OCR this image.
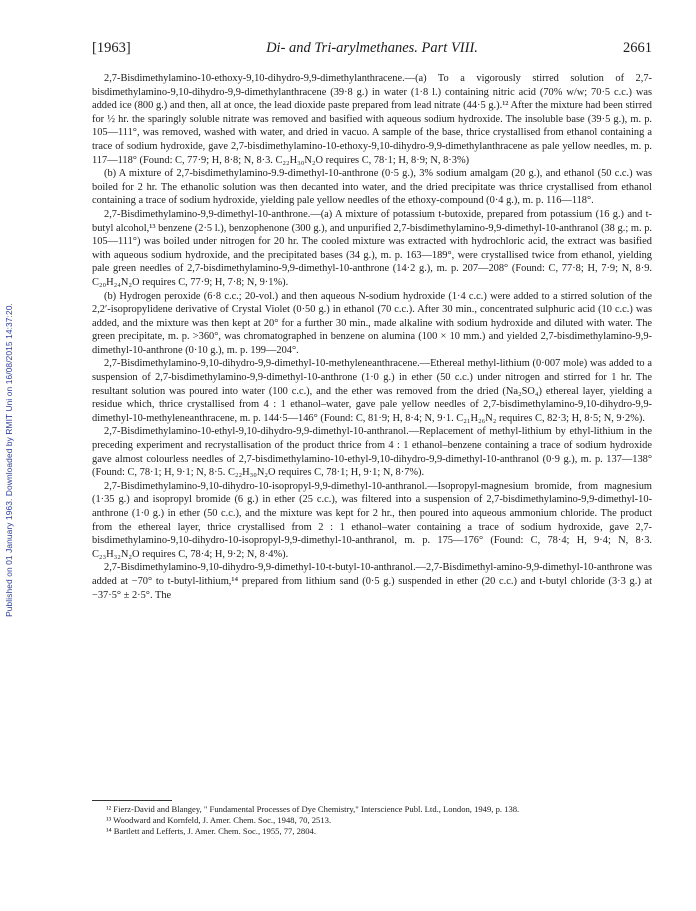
Published on 01 January 1963. Downloaded by RMIT Uni on 16/08/2015 14:37:20.
[1963]	Di- and Tri-arylmethanes. Part VIII.	2661

2,7-Bisdimethylamino-10-ethoxy-9,10-dihydro-9,9-dimethylanthracene.—(a) To a vigorously stirred solution of 2,7-bisdimethylamino-9,10-dihydro-9,9-dimethylanthracene (39·8 g.) in water (1·8 l.) containing nitric acid (70% w/w; 70·5 c.c.) was added ice (800 g.) and then, all at once, the lead dioxide paste prepared from lead nitrate (44·5 g.).¹² After the mixture had been stirred for ½ hr. the sparingly soluble nitrate was removed and basified with aqueous sodium hydroxide. The insoluble base (39·5 g.), m. p. 105—111°, was removed, washed with water, and dried in vacuo. A sample of the base, thrice crystallised from ethanol containing a trace of sodium hydroxide, gave 2,7-bisdimethylamino-10-ethoxy-9,10-dihydro-9,9-dimethylanthracene as pale yellow needles, m. p. 117—118° (Found: C, 77·9; H, 8·8; N, 8·3. C₂₂H₃₀N₂O requires C, 78·1; H, 8·9; N, 8·3%)

(b) A mixture of 2,7-bisdimethylamino-9.9-dimethyl-10-anthrone (0·5 g.), 3% sodium amalgam (20 g.), and ethanol (50 c.c.) was boiled for 2 hr. The ethanolic solution was then decanted into water, and the dried precipitate was thrice crystallised from ethanol containing a trace of sodium hydroxide, yielding pale yellow needles of the ethoxy-compound (0·4 g.), m. p. 116—118°.

2,7-Bisdimethylamino-9,9-dimethyl-10-anthrone.—(a) A mixture of potassium t-butoxide, prepared from potassium (16 g.) and t-butyl alcohol,¹³ benzene (2·5 l.), benzophenone (300 g.), and unpurified 2,7-bisdimethylamino-9,9-dimethyl-10-anthranol (38 g.; m. p. 105—111°) was boiled under nitrogen for 20 hr. The cooled mixture was extracted with hydrochloric acid, the extract was basified with aqueous sodium hydroxide, and the precipitated bases (34 g.), m. p. 163—189°, were crystallised twice from ethanol, yielding pale green needles of 2,7-bisdimethylamino-9,9-dimethyl-10-anthrone (14·2 g.), m. p. 207—208° (Found: C, 77·8; H, 7·9; N, 8·9. C₂₀H₂₄N₂O requires C, 77·9; H, 7·8; N, 9·1%).

(b) Hydrogen peroxide (6·8 c.c.; 20-vol.) and then aqueous N-sodium hydroxide (1·4 c.c.) were added to a stirred solution of the 2,2′-isopropylidene derivative of Crystal Violet (0·50 g.) in ethanol (70 c.c.). After 30 min., concentrated sulphuric acid (10 c.c.) was added, and the mixture was then kept at 20° for a further 30 min., made alkaline with sodium hydroxide and diluted with water. The green precipitate, m. p. >360°, was chromatographed in benzene on alumina (100 × 10 mm.) and yielded 2,7-bisdimethylamino-9,9-dimethyl-10-anthrone (0·10 g.), m. p. 199—204°.

2,7-Bisdimethylamino-9,10-dihydro-9,9-dimethyl-10-methyleneanthracene.—Ethereal methyl-lithium (0·007 mole) was added to a suspension of 2,7-bisdimethylamino-9,9-dimethyl-10-anthrone (1·0 g.) in ether (50 c.c.) under nitrogen and stirred for 1 hr. The resultant solution was poured into water (100 c.c.), and the ether was removed from the dried (Na₂SO₄) ethereal layer, yielding a residue which, thrice crystallised from 4 : 1 ethanol–water, gave pale yellow needles of 2,7-bisdimethylamino-9,10-dihydro-9,9-dimethyl-10-methyleneanthracene, m. p. 144·5—146° (Found: C, 81·9; H, 8·4; N, 9·1. C₂₁H₂₆N₂ requires C, 82·3; H, 8·5; N, 9·2%).

2,7-Bisdimethylamino-10-ethyl-9,10-dihydro-9,9-dimethyl-10-anthranol.—Replacement of methyl-lithium by ethyl-lithium in the preceding experiment and recrystallisation of the product thrice from 4 : 1 ethanol–benzene containing a trace of sodium hydroxide gave almost colourless needles of 2,7-bisdimethylamino-10-ethyl-9,10-dihydro-9,9-dimethyl-10-anthranol (0·9 g.), m. p. 137—138° (Found: C, 78·1; H, 9·1; N, 8·5. C₂₂H₃₀N₂O requires C, 78·1; H, 9·1; N, 8·7%).

2,7-Bisdimethylamino-9,10-dihydro-10-isopropyl-9,9-dimethyl-10-anthranol.—Isopropyl-magnesium bromide, from magnesium (1·35 g.) and isopropyl bromide (6 g.) in ether (25 c.c.), was filtered into a suspension of 2,7-bisdimethylamino-9,9-dimethyl-10-anthrone (1·0 g.) in ether (50 c.c.), and the mixture was kept for 2 hr., then poured into aqueous ammonium chloride. The product from the ethereal layer, thrice crystallised from 2 : 1 ethanol–water containing a trace of sodium hydroxide, gave 2,7-bisdimethylamino-9,10-dihydro-10-isopropyl-9,9-dimethyl-10-anthranol, m. p. 175—176° (Found: C, 78·4; H, 9·4; N, 8·3. C₂₃H₃₂N₂O requires C, 78·4; H, 9·2; N, 8·4%).

2,7-Bisdimethylamino-9,10-dihydro-9,9-dimethyl-10-t-butyl-10-anthranol.—2,7-Bisdimethyl-amino-9,9-dimethyl-10-anthrone was added at −70° to t-butyl-lithium,¹⁴ prepared from lithium sand (0·5 g.) suspended in ether (20 c.c.) and t-butyl chloride (3·3 g.) at −37·5° ± 2·5°. The

¹² Fierz-David and Blangey, " Fundamental Processes of Dye Chemistry," Interscience Publ. Ltd., London, 1949, p. 138.

¹³ Woodward and Kornfeld, J. Amer. Chem. Soc., 1948, 70, 2513.

¹⁴ Bartlett and Lefferts, J. Amer. Chem. Soc., 1955, 77, 2804.
